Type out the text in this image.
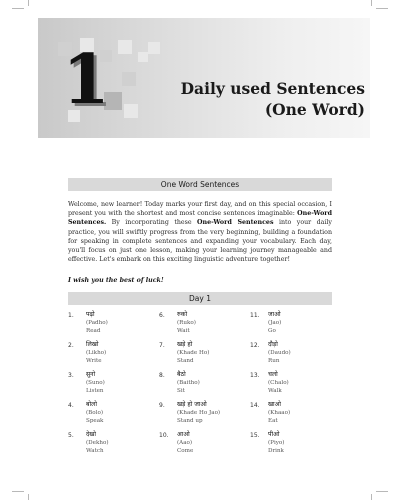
1	Daily used Sentences
(One Word)
One Word Sentences

Welcome, new learner! Today marks your first day, and on this special occasion, I present you with the shortest and most concise sentences imaginable: One-Word Sentences. By incorporating these One-Word Sentences into your daily practice, you will swiftly progress from the very beginning, building a foundation for speaking in complete sentences and expanding your vocabulary. Each day, you'll focus on just one lesson, making your learning journey manageable and effective. Let's embark on this exciting linguistic adventure together!

I wish you the best of luck!

Day 1
1. पढ़ो
(Padho)
Read
2. लिखो
(Likho)
Write
3. सुनो
(Suno)
Listen
4. बोलो
(Bolo)
Speak
5. देखो
(Dekho)
Watch
6. रुको
(Ruko)
Wait
7. खड़े हो
(Khade Ho)
Stand
8. बैठो
(Baitho)
Sit
9. खड़े हो जाओ
(Khade Ho Jao)
Stand up
10. आओ
(Aao)
Come
11. जाओ
(Jao)
Go
12. दौड़ो
(Daudo)
Run
13. चलो
(Chalo)
Walk
14. खाओ
(Khaao)
Eat
15. पीओ
(Piyo)
Drink
